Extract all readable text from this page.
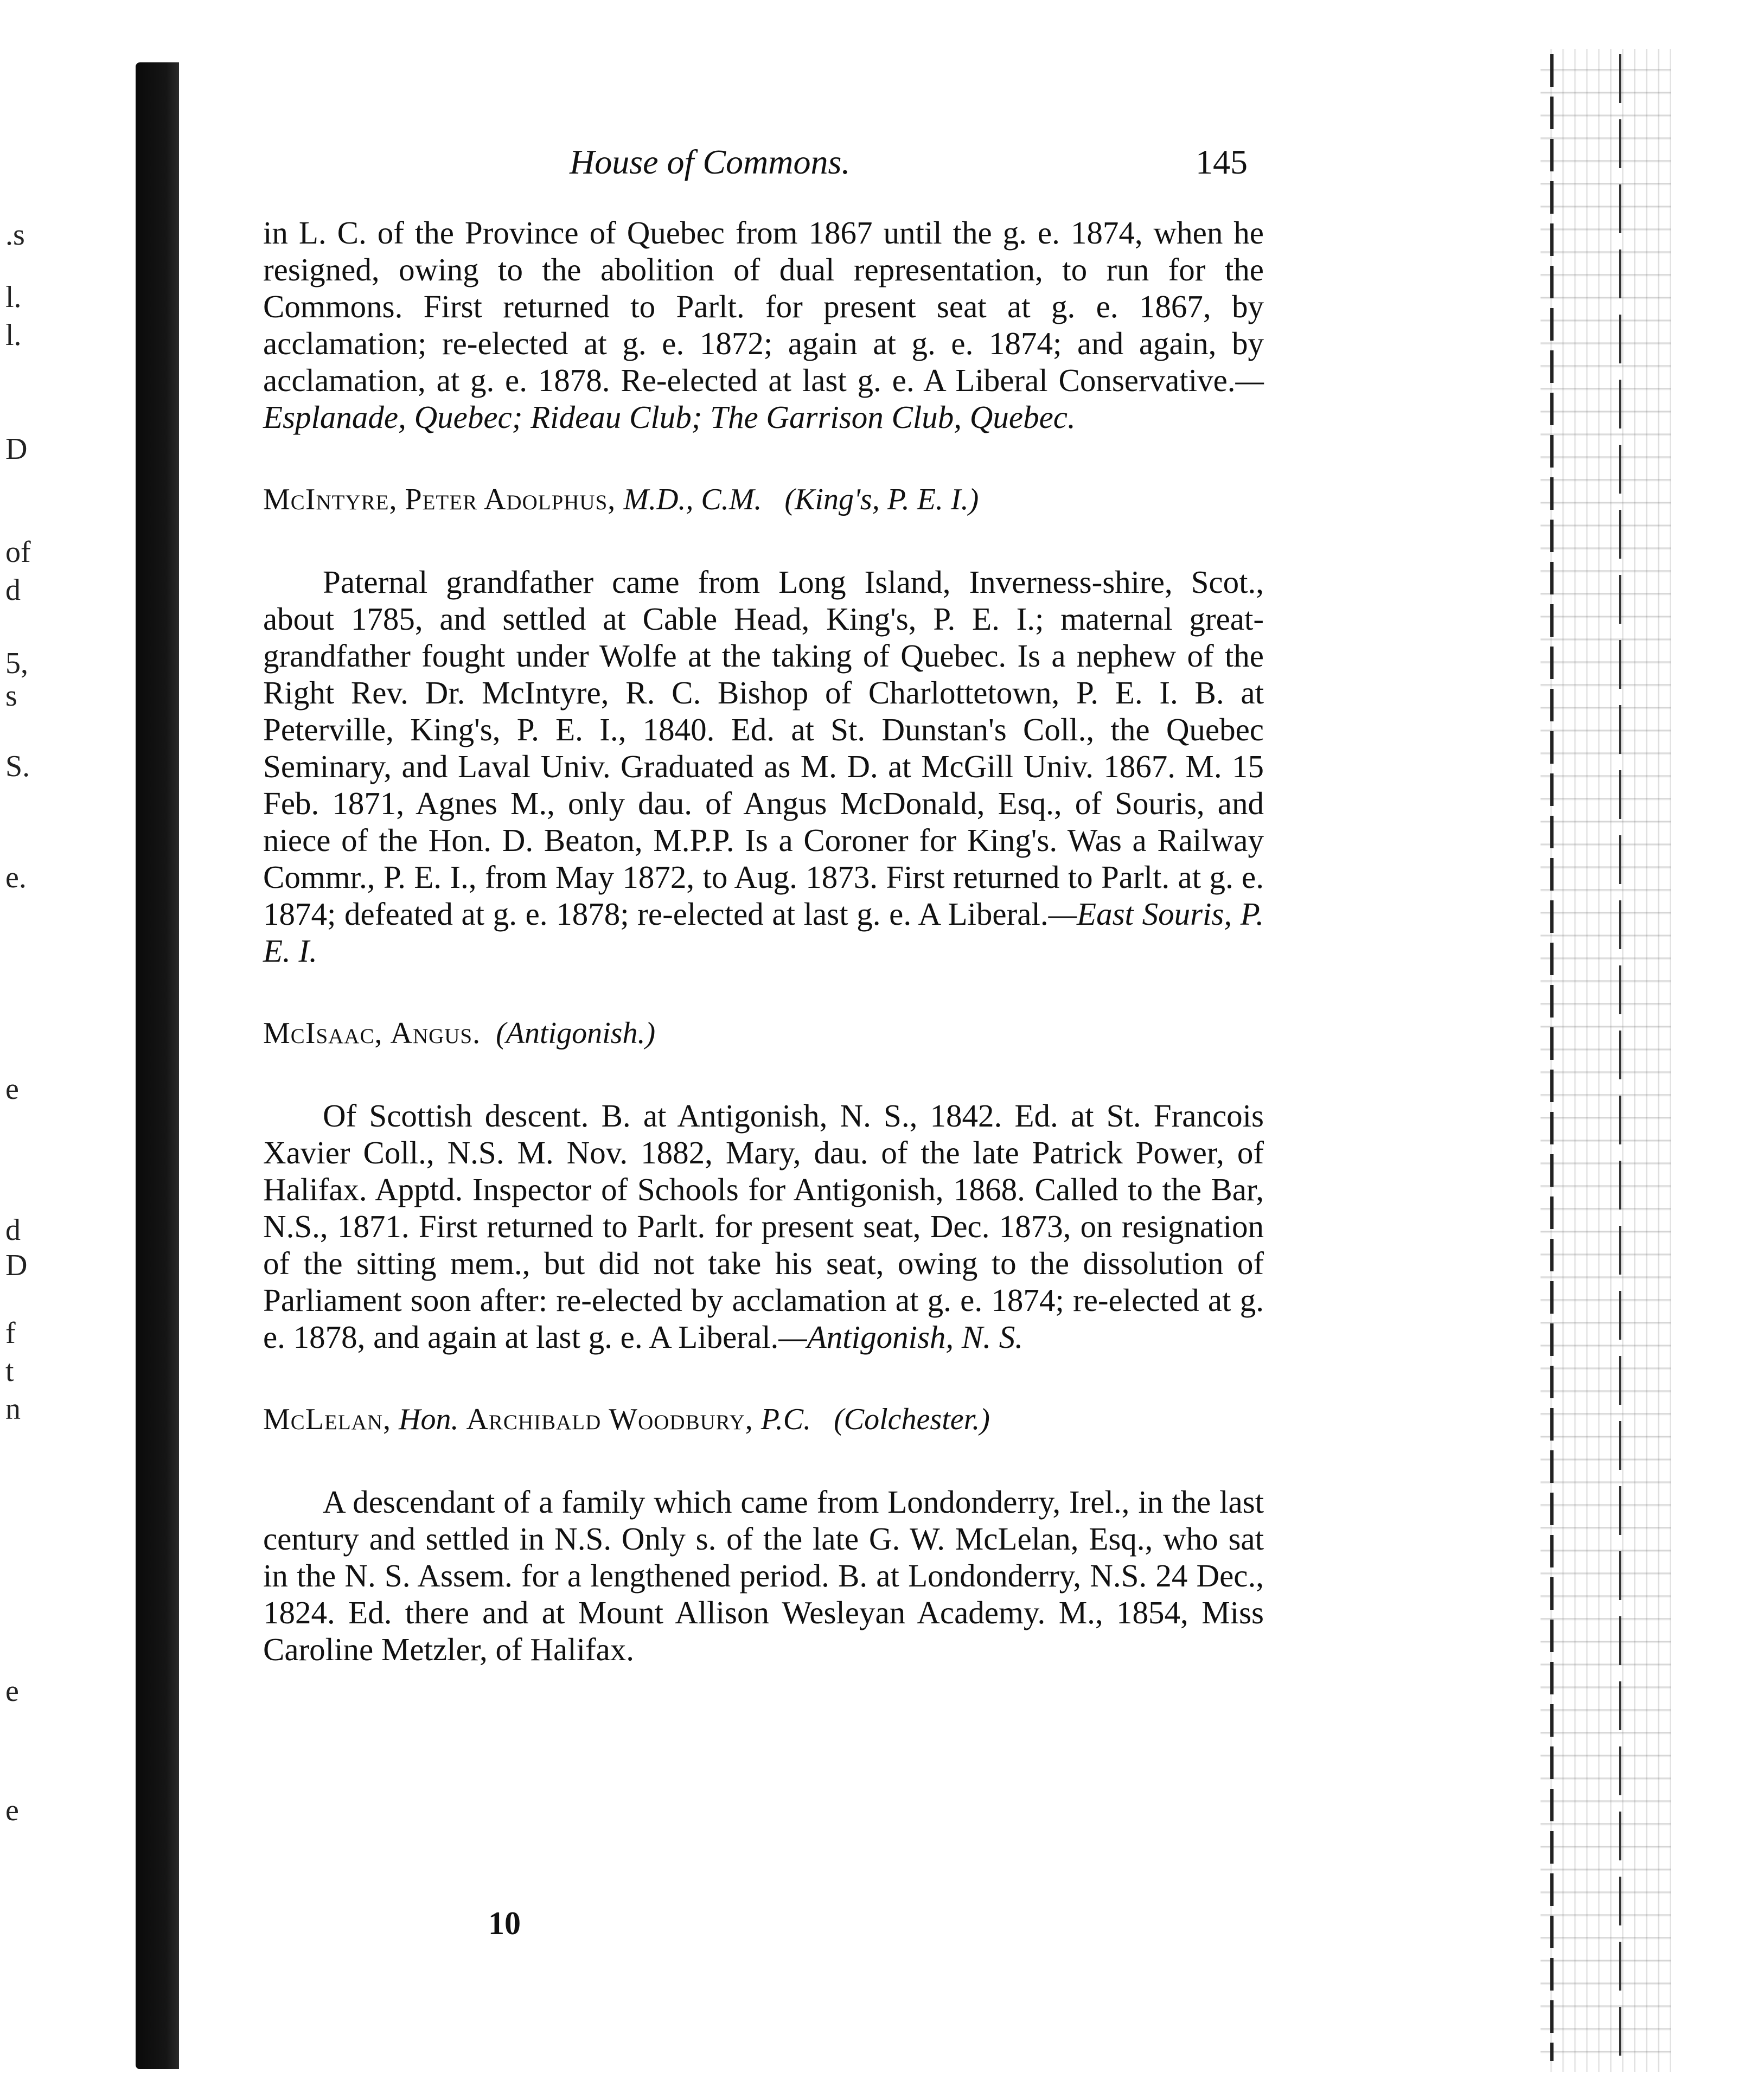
.s
l.
l.
D
of
d
5,
s
S.
e.
e
d
D
f
t
n
e
e
House of Commons.	145

in L. C. of the Province of Quebec from 1867 until the g. e. 1874, when he resigned, owing to the abolition of dual representation, to run for the Commons. First returned to Parlt. for present seat at g. e. 1867, by acclamation; re-elected at g. e. 1872; again at g. e. 1874; and again, by acclamation, at g. e. 1878. Re-elected at last g. e. A Liberal Conservative.—Esplanade, Quebec; Rideau Club; The Garrison Club, Quebec.

McIntyre, Peter Adolphus, M.D., C.M. (King's, P. E. I.)

Paternal grandfather came from Long Island, Inverness-shire, Scot., about 1785, and settled at Cable Head, King's, P. E. I.; maternal great-grandfather fought under Wolfe at the taking of Quebec. Is a nephew of the Right Rev. Dr. McIntyre, R. C. Bishop of Charlottetown, P. E. I. B. at Peterville, King's, P. E. I., 1840. Ed. at St. Dunstan's Coll., the Quebec Seminary, and Laval Univ. Graduated as M. D. at McGill Univ. 1867. M. 15 Feb. 1871, Agnes M., only dau. of Angus McDonald, Esq., of Souris, and niece of the Hon. D. Beaton, M.P.P. Is a Coroner for King's. Was a Railway Commr., P. E. I., from May 1872, to Aug. 1873. First returned to Parlt. at g. e. 1874; defeated at g. e. 1878; re-elected at last g. e. A Liberal.—East Souris, P. E. I.

McIsaac, Angus. (Antigonish.)

Of Scottish descent. B. at Antigonish, N. S., 1842. Ed. at St. Francois Xavier Coll., N.S. M. Nov. 1882, Mary, dau. of the late Patrick Power, of Halifax. Apptd. Inspector of Schools for Antigonish, 1868. Called to the Bar, N.S., 1871. First returned to Parlt. for present seat, Dec. 1873, on resignation of the sitting mem., but did not take his seat, owing to the dissolution of Parliament soon after: re-elected by acclamation at g. e. 1874; re-elected at g. e. 1878, and again at last g. e. A Liberal.—Antigonish, N. S.

McLelan, Hon. Archibald Woodbury, P.C. (Colchester.)

A descendant of a family which came from Londonderry, Irel., in the last century and settled in N.S. Only s. of the late G. W. McLelan, Esq., who sat in the N. S. Assem. for a lengthened period. B. at Londonderry, N.S. 24 Dec., 1824. Ed. there and at Mount Allison Wesleyan Academy. M., 1854, Miss Caroline Metzler, of Halifax.

10
